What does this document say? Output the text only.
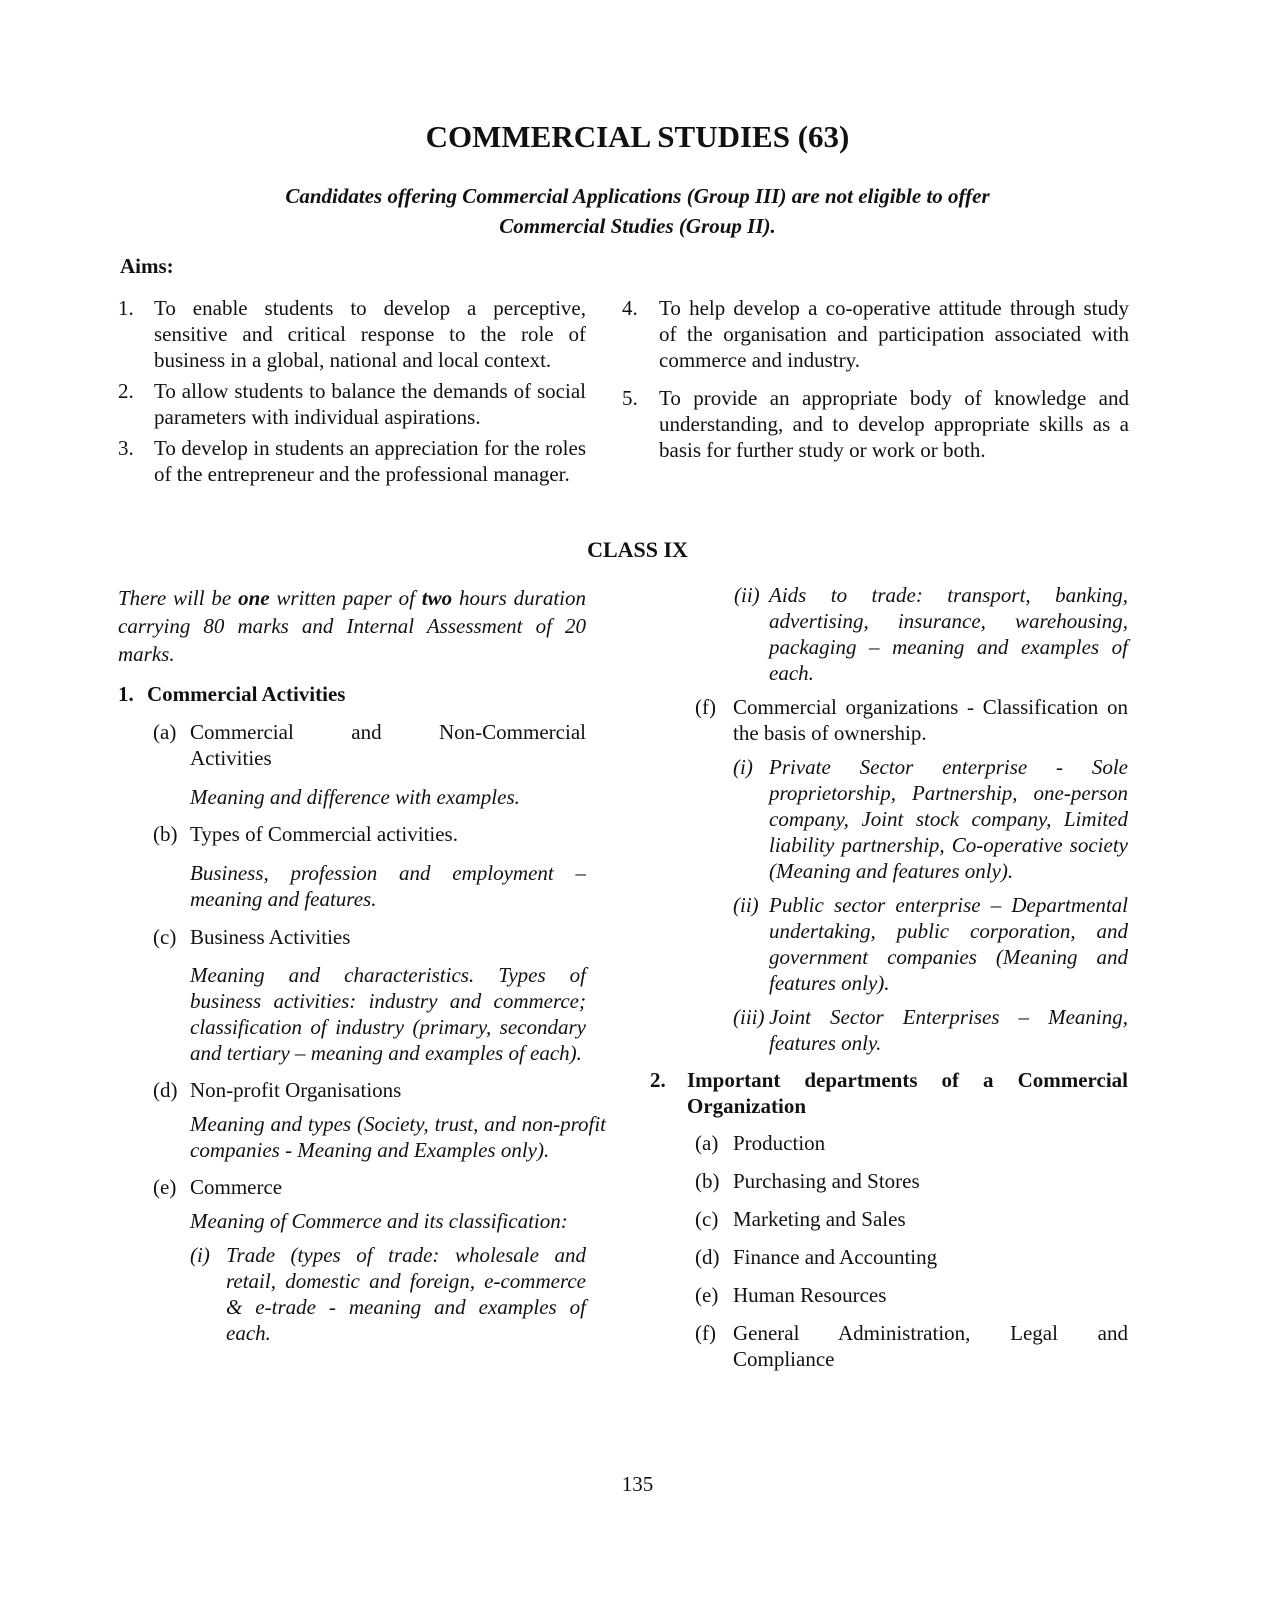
COMMERCIAL STUDIES (63)
Candidates offering Commercial Applications (Group III) are not eligible to offer
Commercial Studies (Group II).
Aims:
1. To enable students to develop a perceptive, sensitive and critical response to the role of business in a global, national and local context.
2. To allow students to balance the demands of social parameters with individual aspirations.
3. To develop in students an appreciation for the roles of the entrepreneur and the professional manager.
4.	To help develop a co-operative attitude through study of the organisation and participation associated with commerce and industry.
5.	To provide an appropriate body of knowledge and understanding, and to develop appropriate skills as a basis for further study or work or both.
CLASS IX
There will be one written paper of two hours duration carrying 80 marks and Internal Assessment of 20 marks.
1. Commercial Activities
(a) Commercial	and	Non-Commercial
Activities
Meaning and difference with examples.
(b) Types of Commercial activities.
Business, profession and employment – meaning and features.
(c) Business Activities
Meaning and characteristics. Types of business activities: industry and commerce; classification of industry (primary, secondary and tertiary – meaning and examples of each).
(d) Non-profit Organisations
Meaning and types (Society, trust, and non-profit companies - Meaning and Examples only).
(e) Commerce
Meaning of Commerce and its classification:
(i) Trade (types of trade: wholesale and retail, domestic and foreign, e-commerce & e-trade - meaning and examples of each.
(ii) Aids to trade: transport, banking, advertising, insurance, warehousing, packaging – meaning and examples of each.
(f) Commercial organizations - Classification on the basis of ownership.
(i) Private Sector enterprise - Sole proprietorship, Partnership, one-person company, Joint stock company, Limited liability partnership, Co-operative society (Meaning and features only).
(ii) Public sector enterprise – Departmental undertaking, public corporation, and government companies (Meaning and features only).
(iii) Joint Sector Enterprises – Meaning, features only.
2.	Important departments of a Commercial Organization
(a) Production
(b) Purchasing and Stores
(c) Marketing and Sales
(d) Finance and Accounting
(e) Human Resources
(f) General Administration, Legal and Compliance
135
